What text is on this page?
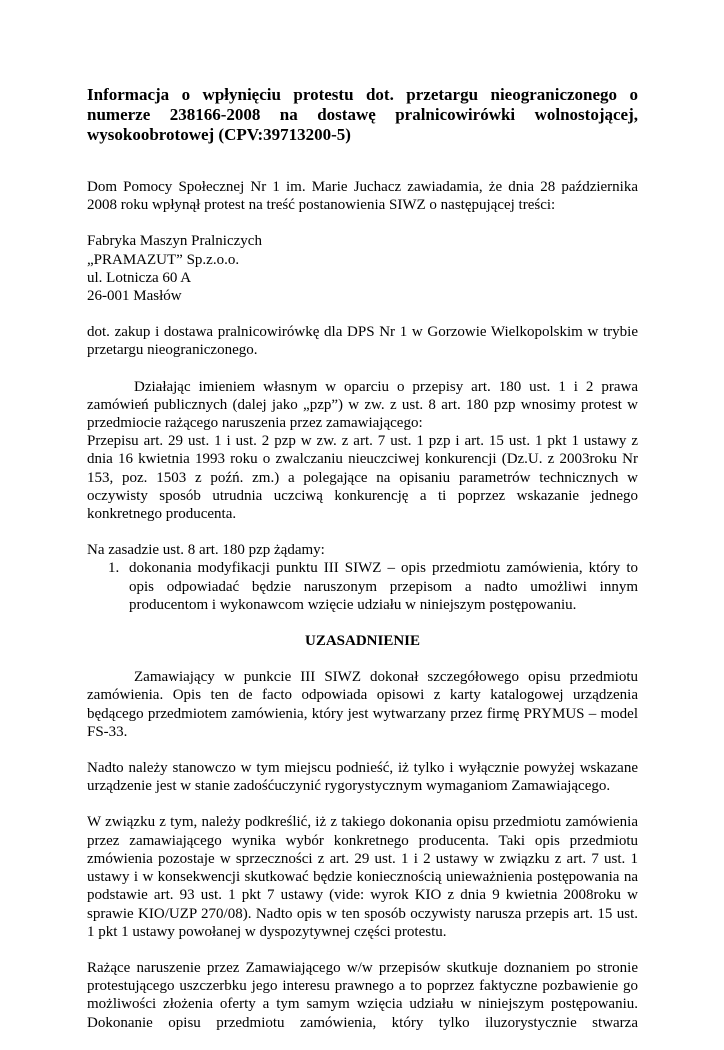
Informacja o wpłynięciu protestu dot. przetargu nieograniczonego o numerze 238166-2008 na dostawę pralnicowirówki wolnostojącej, wysokoobrotowej (CPV:39713200-5)
Dom Pomocy Społecznej Nr 1 im. Marie Juchacz zawiadamia, że dnia 28 października 2008 roku wpłynął protest na treść postanowienia SIWZ o następującej treści:
Fabryka Maszyn Pralniczych
„PRAMAZUT” Sp.z.o.o.
ul. Lotnicza 60 A
26-001 Masłów
dot. zakup i dostawa pralnicowirówkę dla DPS Nr 1 w Gorzowie Wielkopolskim w trybie przetargu nieograniczonego.
Działając imieniem własnym w oparciu o przepisy art. 180 ust. 1 i 2 prawa zamówień publicznych (dalej jako „pzp”) w zw. z ust. 8 art. 180 pzp wnosimy protest w przedmiocie rażącego naruszenia przez zamawiającego:
Przepisu art. 29 ust. 1 i ust. 2 pzp w zw. z art. 7 ust. 1 pzp i art. 15 ust. 1 pkt 1 ustawy z dnia 16 kwietnia 1993 roku o zwalczaniu nieuczciwej konkurencji (Dz.U. z 2003roku Nr 153, poz. 1503 z poźń. zm.) a polegające na opisaniu parametrów technicznych w oczywisty sposób utrudnia uczciwą konkurencję a ti poprzez wskazanie jednego konkretnego producenta.
Na zasadzie ust. 8 art. 180 pzp żądamy:
1. dokonania modyfikacji punktu III SIWZ – opis przedmiotu zamówienia, który to opis odpowiadać będzie naruszonym przepisom a nadto umożliwi innym producentom i wykonawcom wzięcie udziału w niniejszym postępowaniu.
UZASADNIENIE
Zamawiający w punkcie III SIWZ dokonał szczegółowego opisu przedmiotu zamówienia. Opis ten de facto odpowiada opisowi z karty katalogowej urządzenia będącego przedmiotem zamówienia, który jest wytwarzany przez firmę PRYMUS – model FS-33.
Nadto należy stanowczo w tym miejscu podnieść, iż tylko i wyłącznie powyżej wskazane urządzenie jest w stanie zadośćuczynić rygorystycznym wymaganiom Zamawiającego.
W związku z tym, należy podkreślić, iż z takiego dokonania opisu przedmiotu zamówienia przez zamawiającego wynika wybór konkretnego producenta. Taki opis przedmiotu zmówienia pozostaje w sprzeczności z art. 29 ust. 1 i 2 ustawy w związku z art. 7 ust. 1 ustawy i w konsekwencji skutkować będzie koniecznością unieważnienia postępowania na podstawie art. 93 ust. 1 pkt 7 ustawy (vide: wyrok KIO z dnia 9 kwietnia 2008roku w sprawie KIO/UZP 270/08). Nadto opis w ten sposób oczywisty narusza przepis art. 15 ust. 1 pkt 1 ustawy powołanej w dyspozytywnej części protestu.
Rażące naruszenie przez Zamawiającego w/w przepisów skutkuje doznaniem po stronie protestującego uszczerbku jego interesu prawnego a to poprzez faktyczne pozbawienie go możliwości złożenia oferty a tym samym wzięcia udziału w niniejszym postępowaniu. Dokonanie opisu przedmiotu zamówienia, który tylko iluzorystycznie stwarza
